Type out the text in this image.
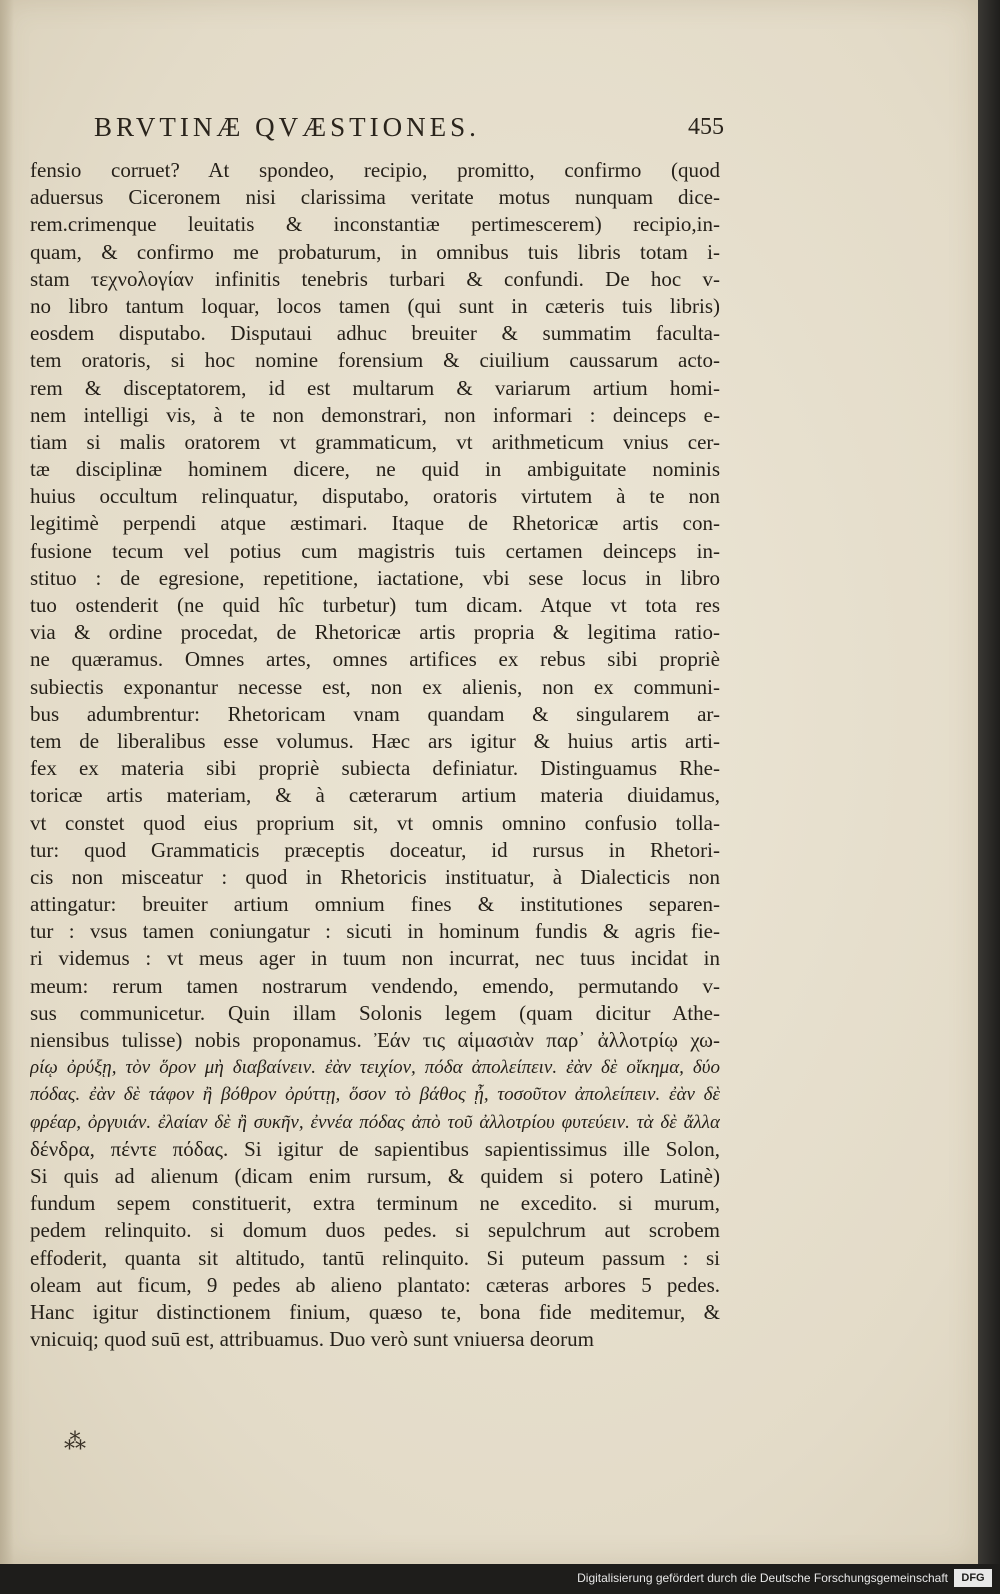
BRVTINÆ QVÆSTIONES.	455
fensio corruet? At spondeo, recipio, promitto, confirmo (quod
aduersus Ciceronem nisi clarissima veritate motus nunquam dice-
rem.crimenque leuitatis & inconstantiæ pertimescerem) recipio,in-
quam, & confirmo me probaturum, in omnibus tuis libris totam i-
stam τεχνολογίαν infinitis tenebris turbari & confundi. De hoc v-
no libro tantum loquar, locos tamen (qui sunt in cæteris tuis libris)
eosdem disputabo. Disputaui adhuc breuiter & summatim faculta-
tem oratoris, si hoc nomine forensium & ciuilium caussarum acto-
rem & disceptatorem, id est multarum & variarum artium homi-
nem intelligi vis, à te non demonstrari, non informari : deinceps e-
tiam si malis oratorem vt grammaticum, vt arithmeticum vnius cer-
tæ disciplinæ hominem dicere, ne quid in ambiguitate nominis
huius occultum relinquatur, disputabo, oratoris virtutem à te non
legitimè perpendi atque æstimari. Itaque de Rhetoricæ artis con-
fusione tecum vel potius cum magistris tuis certamen deinceps in-
stituo : de egresione, repetitione, iactatione, vbi sese locus in libro
tuo ostenderit (ne quid hîc turbetur) tum dicam. Atque vt tota res
via & ordine procedat, de Rhetoricæ artis propria & legitima ratio-
ne quæramus. Omnes artes, omnes artifices ex rebus sibi propriè
subiectis exponantur necesse est, non ex alienis, non ex communi-
bus adumbrentur: Rhetoricam vnam quandam & singularem ar-
tem de liberalibus esse volumus. Hæc ars igitur & huius artis arti-
fex ex materia sibi propriè subiecta definiatur. Distinguamus Rhe-
toricæ artis materiam, & à cæterarum artium materia diuidamus,
vt constet quod eius proprium sit, vt omnis omnino confusio tolla-
tur: quod Grammaticis præceptis doceatur, id rursus in Rhetori-
cis non misceatur : quod in Rhetoricis instituatur, à Dialecticis non
attingatur: breuiter artium omnium fines & institutiones separen-
tur : vsus tamen coniungatur : sicuti in hominum fundis & agris fie-
ri videmus : vt meus ager in tuum non incurrat, nec tuus incidat in
meum: rerum tamen nostrarum vendendo, emendo, permutando v-
sus communicetur. Quin illam Solonis legem (quam dicitur Athe-
niensibus tulisse) nobis proponamus. Ἐάν τις αἱμασιὰν παρ᾿ ἀλλοτρίῳ χω-
ρίῳ ὀρύξῃ, τὸν ὅρον μὴ διαβαίνειν. ἐὰν τειχίον, πόδα ἀπολείπειν. ἐὰν δὲ οἴκημα, δύο
πόδας. ἐὰν δὲ τάφον ἢ βόθρον ὀρύττῃ, ὅσον τὸ βάθος ᾖ, τοσοῦτον ἀπολείπειν. ἐὰν δὲ
φρέαρ, ὀργυιάν. ἐλαίαν δὲ ἢ συκῆν, ἐννέα πόδας ἀπὸ τοῦ ἀλλοτρίου φυτεύειν. τὰ δὲ ἄλλα
δένδρα, πέντε πόδας. Si igitur de sapientibus sapientissimus ille Solon,
Si quis ad alienum (dicam enim rursum, & quidem si potero Latinè)
fundum sepem constituerit, extra terminum ne excedito. si murum,
pedem relinquito. si domum duos pedes. si sepulchrum aut scrobem
effoderit, quanta sit altitudo, tantū relinquito. Si puteum passum : si
oleam aut ficum, 9 pedes ab alieno plantato: cæteras arbores 5 pedes.
Hanc igitur distinctionem finium, quæso te, bona fide meditemur, &
vnicuiq; quod suū est, attribuamus. Duo verò sunt vniuersa deorum
⁂
Digitalisierung gefördert durch die Deutsche Forschungsgemeinschaft	DFG
